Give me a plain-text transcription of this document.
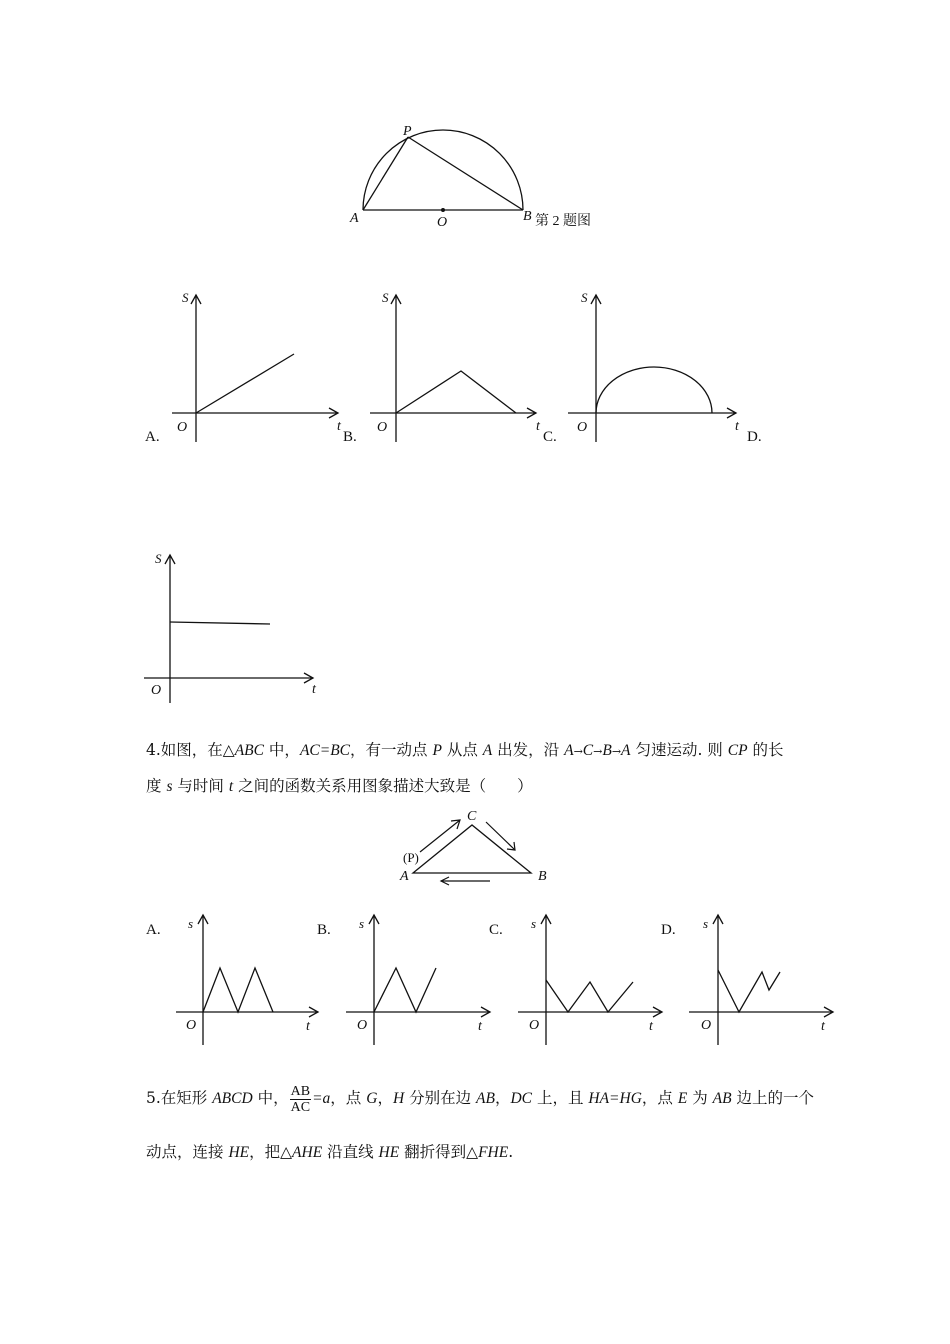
P
A	O	B 第 2 题图
S
O	t
A.
S
O	t
B.
S
O	t
C.	D.
S
O	t
4.如图，在△ABC 中，AC=BC，有一动点 P 从点 A 出发，沿 A→C→B→A 匀速运动. 则 CP 的长
度 s 与时间 t 之间的函数关系用图象描述大致是（　　）
C
(P)
A	B
A. s
O	t
B. s
O	t
C. s
O	t
D. s
O	t
5.在矩形 ABCD 中， $\frac{AB}{AC} =a$，点 G，H 分别在边 AB，DC 上，且 HA=HG，点 E 为 AB 边上的一个
动点，连接 HE，把△AHE 沿直线 HE 翻折得到△FHE.
